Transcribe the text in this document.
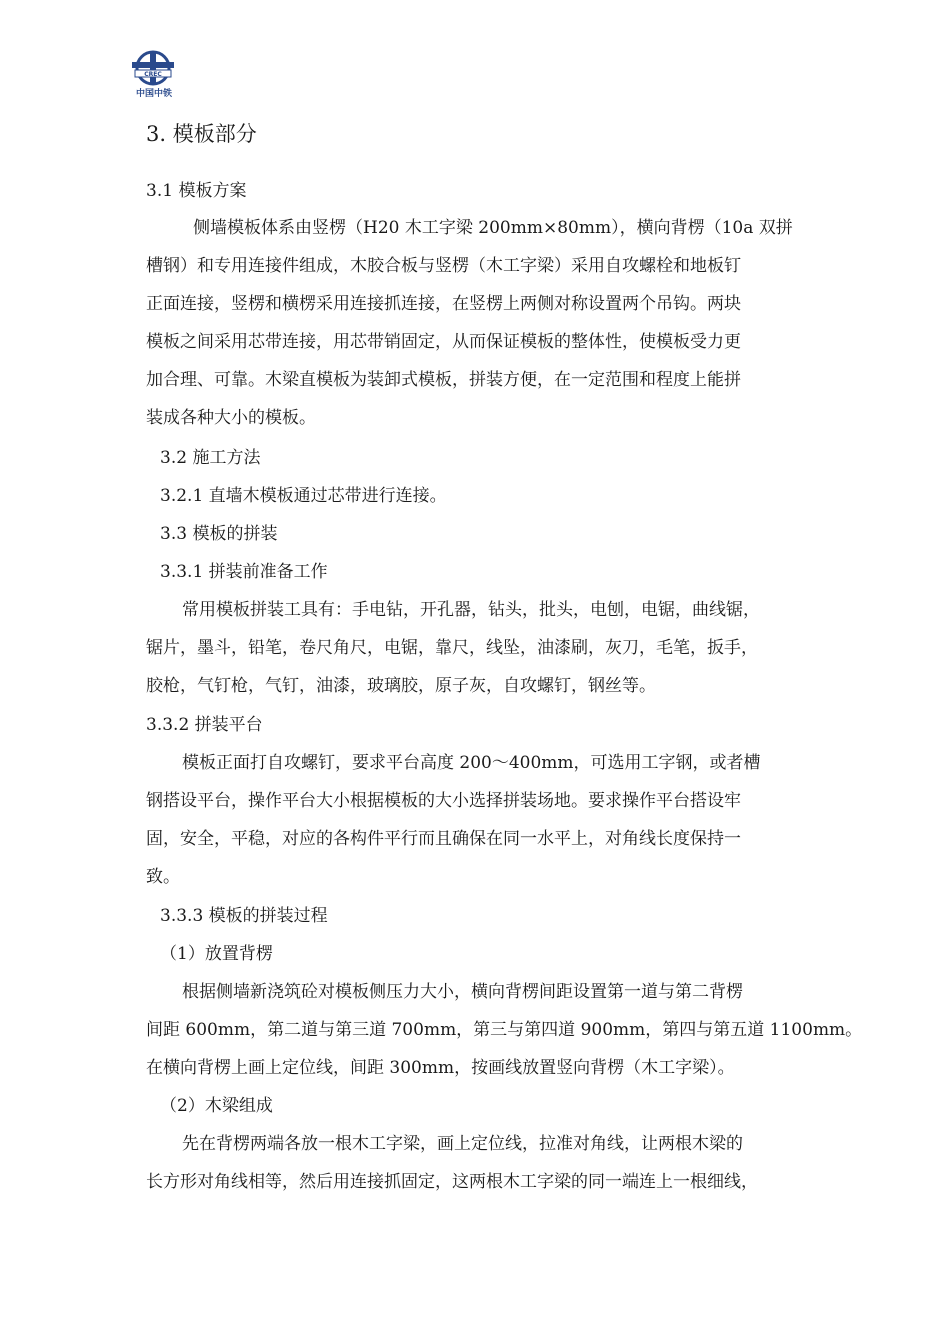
CREC
中国中铁
3. 模板部分
3.1 模板方案
侧墙模板体系由竖楞（H20 木工字梁 200mm×80mm），横向背楞（10a 双拼
槽钢）和专用连接件组成，木胶合板与竖楞（木工字梁）采用自攻螺栓和地板钉
正面连接，竖楞和横楞采用连接抓连接，在竖楞上两侧对称设置两个吊钩。两块
模板之间采用芯带连接，用芯带销固定，从而保证模板的整体性，使模板受力更
加合理、可靠。木梁直模板为装卸式模板，拼装方便，在一定范围和程度上能拼
装成各种大小的模板。
3.2 施工方法
3.2.1 直墙木模板通过芯带进行连接。
3.3 模板的拼装
3.3.1 拼装前准备工作
常用模板拼装工具有：手电钻，开孔器，钻头，批头，电刨，电锯，曲线锯，
锯片，墨斗，铅笔，卷尺角尺，电锯，靠尺，线坠，油漆刷，灰刀，毛笔，扳手，
胶枪，气钉枪，气钉，油漆，玻璃胶，原子灰，自攻螺钉，钢丝等。
3.3.2 拼装平台
模板正面打自攻螺钉，要求平台高度 200～400mm，可选用工字钢，或者槽
钢搭设平台，操作平台大小根据模板的大小选择拼装场地。要求操作平台搭设牢
固，安全，平稳，对应的各构件平行而且确保在同一水平上，对角线长度保持一
致。
3.3.3 模板的拼装过程
（1）放置背楞
根据侧墙新浇筑砼对模板侧压力大小，横向背楞间距设置第一道与第二背楞
间距 600mm，第二道与第三道 700mm，第三与第四道 900mm，第四与第五道 1100mm。
在横向背楞上画上定位线，间距 300mm，按画线放置竖向背楞（木工字梁）。
（2）木梁组成
先在背楞两端各放一根木工字梁，画上定位线，拉准对角线，让两根木梁的
长方形对角线相等，然后用连接抓固定，这两根木工字梁的同一端连上一根细线，
